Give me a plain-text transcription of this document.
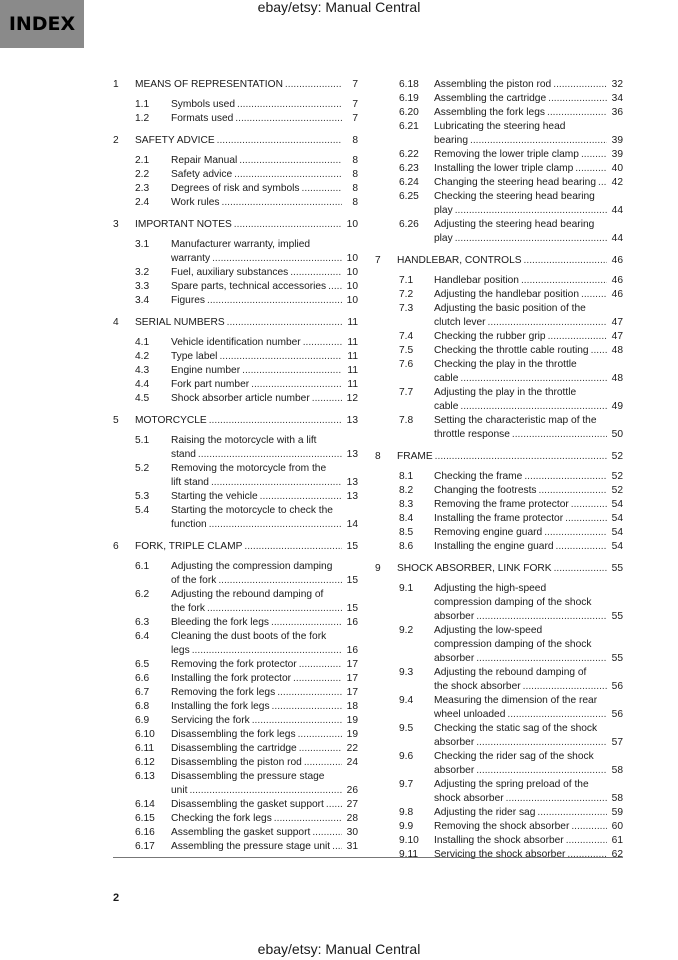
INDEX
ebay/etsy: Manual Central
1 MEANS OF REPRESENTATION .....	7
1.1 Symbols used .....	7
1.2 Formats used .....	7
2 SAFETY ADVICE .....	8
2.1 Repair Manual .....	8
2.2 Safety advice .....	8
2.3 Degrees of risk and symbols .....	8
2.4 Work rules .....	8
3 IMPORTANT NOTES .....	10
3.1 Manufacturer warranty, implied
warranty .....	10
3.2 Fuel, auxiliary substances .....	10
3.3 Spare parts, technical accessories ..... 10
3.4 Figures .....	10
4 SERIAL NUMBERS .....	11
4.1 Vehicle identification number .....	11
4.2 Type label .....	11
4.3 Engine number .....	11
4.4 Fork part number .....	11
4.5 Shock absorber article number .....	12
5 MOTORCYCLE .....	13
5.1 Raising the motorcycle with a lift
stand .....	13
5.2 Removing the motorcycle from the
lift stand .....	13
5.3 Starting the vehicle .....	13
5.4 Starting the motorcycle to check the
function .....	14
6 FORK, TRIPLE CLAMP .....	15
6.1 Adjusting the compression damping
of the fork .....	15
6.2 Adjusting the rebound damping of
the fork .....	15
6.3 Bleeding the fork legs .....	16
6.4 Cleaning the dust boots of the fork
legs .....	16
6.5 Removing the fork protector .....	17
6.6 Installing the fork protector .....	17
6.7 Removing the fork legs .....	17
6.8 Installing the fork legs .....	18
6.9 Servicing the fork .....	19
6.10 Disassembling the fork legs .....	19
6.11 Disassembling the cartridge .....	22
6.12 Disassembling the piston rod .....	24
6.13 Disassembling the pressure stage
unit .....	26
6.14 Disassembling the gasket support ..... 27
6.15 Checking the fork legs .....	28
6.16 Assembling the gasket support .....	30
6.17 Assembling the pressure stage unit ..... 31
6.18 Assembling the piston rod .....	32
6.19 Assembling the cartridge .....	34
6.20 Assembling the fork legs .....	36
6.21 Lubricating the steering head
bearing .....	39
6.22 Removing the lower triple clamp .....	39
6.23 Installing the lower triple clamp .....	40
6.24 Changing the steering head bearing ..... 42
6.25 Checking the steering head bearing
play .....	44
6.26 Adjusting the steering head bearing
play .....	44
7 HANDLEBAR, CONTROLS .....	46
7.1 Handlebar position .....	46
7.2 Adjusting the handlebar position .....	46
7.3 Adjusting the basic position of the
clutch lever .....	47
7.4 Checking the rubber grip .....	47
7.5 Checking the throttle cable routing ..... 48
7.6 Checking the play in the throttle
cable .....	48
7.7 Adjusting the play in the throttle
cable .....	49
7.8 Setting the characteristic map of the
throttle response .....	50
8 FRAME .....	52
8.1 Checking the frame .....	52
8.2 Changing the footrests .....	52
8.3 Removing the frame protector .....	54
8.4 Installing the frame protector .....	54
8.5 Removing engine guard .....	54
8.6 Installing the engine guard .....	54
9 SHOCK ABSORBER, LINK FORK .....	55
9.1 Adjusting the high-speed
compression damping of the shock
absorber .....	55
9.2 Adjusting the low-speed
compression damping of the shock
absorber .....	55
9.3 Adjusting the rebound damping of
the shock absorber .....	56
9.4 Measuring the dimension of the rear
wheel unloaded .....	56
9.5 Checking the static sag of the shock
absorber .....	57
9.6 Checking the rider sag of the shock
absorber .....	58
9.7 Adjusting the spring preload of the
shock absorber .....	58
9.8 Adjusting the rider sag .....	59
9.9 Removing the shock absorber .....	60
9.10 Installing the shock absorber .....	61
9.11 Servicing the shock absorber .....	62
2
ebay/etsy: Manual Central
